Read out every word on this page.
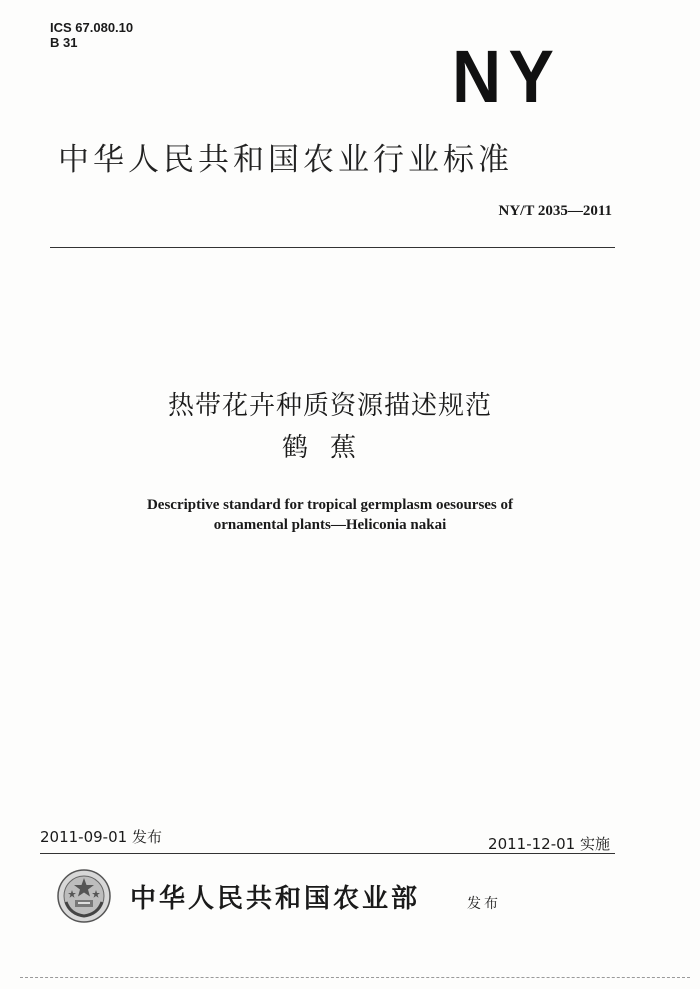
ICS 67.080.10
B 31	NY
中华人民共和国农业行业标准
NY/T 2035—2011
热带花卉种质资源描述规范
鹤蕉
Descriptive standard for tropical germplasm oesourses of
ornamental plants—Heliconia nakai
2011-09-01 发布	2011-12-01 实施
中华人民共和国农业部	发布
